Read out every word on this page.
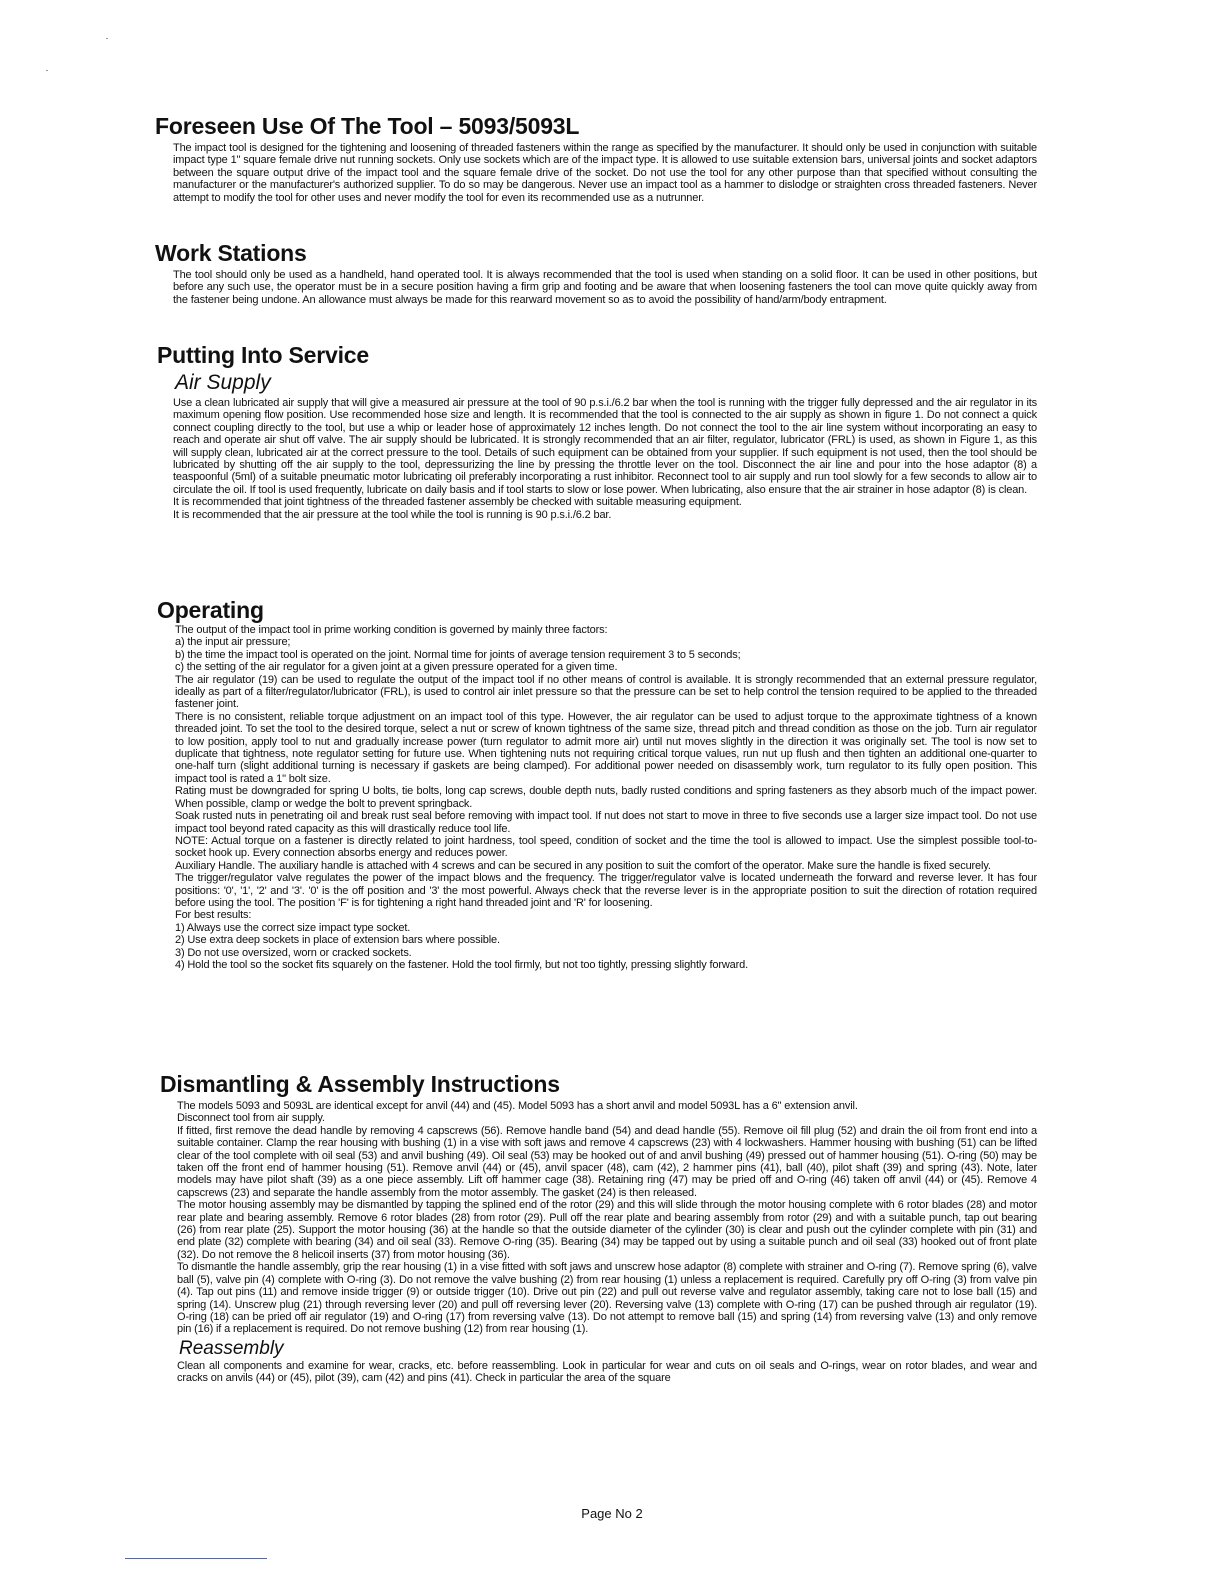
Foreseen Use Of The Tool – 5093/5093L
The impact tool is designed for the tightening and loosening of threaded fasteners within the range as specified by the manufacturer. It should only be used in conjunction with suitable impact type 1" square female drive nut running sockets. Only use sockets which are of the impact type. It is allowed to use suitable extension bars, universal joints and socket adaptors between the square output drive of the impact tool and the square female drive of the socket. Do not use the tool for any other purpose than that specified without consulting the manufacturer or the manufacturer's authorized supplier. To do so may be dangerous. Never use an impact tool as a hammer to dislodge or straighten cross threaded fasteners. Never attempt to modify the tool for other uses and never modify the tool for even its recommended use as a nutrunner.
Work Stations
The tool should only be used as a handheld, hand operated tool. It is always recommended that the tool is used when standing on a solid floor. It can be used in other positions, but before any such use, the operator must be in a secure position having a firm grip and footing and be aware that when loosening fasteners the tool can move quite quickly away from the fastener being undone. An allowance must always be made for this rearward movement so as to avoid the possibility of hand/arm/body entrapment.
Putting Into Service
Air Supply
Use a clean lubricated air supply that will give a measured air pressure at the tool of 90 p.s.i./6.2 bar when the tool is running with the trigger fully depressed and the air regulator in its maximum opening flow position. Use recommended hose size and length. It is recommended that the tool is connected to the air supply as shown in figure 1. Do not connect a quick connect coupling directly to the tool, but use a whip or leader hose of approximately 12 inches length. Do not connect the tool to the air line system without incorporating an easy to reach and operate air shut off valve. The air supply should be lubricated. It is strongly recommended that an air filter, regulator, lubricator (FRL) is used, as shown in Figure 1, as this will supply clean, lubricated air at the correct pressure to the tool. Details of such equipment can be obtained from your supplier. If such equipment is not used, then the tool should be lubricated by shutting off the air supply to the tool, depressurizing the line by pressing the throttle lever on the tool. Disconnect the air line and pour into the hose adaptor (8) a teaspoonful (5ml) of a suitable pneumatic motor lubricating oil preferably incorporating a rust inhibitor. Reconnect tool to air supply and run tool slowly for a few seconds to allow air to circulate the oil. If tool is used frequently, lubricate on daily basis and if tool starts to slow or lose power. When lubricating, also ensure that the air strainer in hose adaptor (8) is clean.
It is recommended that joint tightness of the threaded fastener assembly be checked with suitable measuring equipment.
It is recommended that the air pressure at the tool while the tool is running is 90 p.s.i./6.2 bar.
Operating
The output of the impact tool in prime working condition is governed by mainly three factors:
a) the input air pressure;
b) the time the impact tool is operated on the joint. Normal time for joints of average tension requirement 3 to 5 seconds;
c) the setting of the air regulator for a given joint at a given pressure operated for a given time.
The air regulator (19) can be used to regulate the output of the impact tool if no other means of control is available. It is strongly recommended that an external pressure regulator, ideally as part of a filter/regulator/lubricator (FRL), is used to control air inlet pressure so that the pressure can be set to help control the tension required to be applied to the threaded fastener joint.
There is no consistent, reliable torque adjustment on an impact tool of this type. However, the air regulator can be used to adjust torque to the approximate tightness of a known threaded joint. To set the tool to the desired torque, select a nut or screw of known tightness of the same size, thread pitch and thread condition as those on the job. Turn air regulator to low position, apply tool to nut and gradually increase power (turn regulator to admit more air) until nut moves slightly in the direction it was originally set. The tool is now set to duplicate that tightness, note regulator setting for future use. When tightening nuts not requiring critical torque values, run nut up flush and then tighten an additional one-quarter to one-half turn (slight additional turning is necessary if gaskets are being clamped). For additional power needed on disassembly work, turn regulator to its fully open position. This impact tool is rated a 1" bolt size.
Rating must be downgraded for spring U bolts, tie bolts, long cap screws, double depth nuts, badly rusted conditions and spring fasteners as they absorb much of the impact power. When possible, clamp or wedge the bolt to prevent springback.
Soak rusted nuts in penetrating oil and break rust seal before removing with impact tool. If nut does not start to move in three to five seconds use a larger size impact tool. Do not use impact tool beyond rated capacity as this will drastically reduce tool life.
NOTE: Actual torque on a fastener is directly related to joint hardness, tool speed, condition of socket and the time the tool is allowed to impact. Use the simplest possible tool-to-socket hook up. Every connection absorbs energy and reduces power.
Auxiliary Handle. The auxiliary handle is attached with 4 screws and can be secured in any position to suit the comfort of the operator. Make sure the handle is fixed securely.
The trigger/regulator valve regulates the power of the impact blows and the frequency. The trigger/regulator valve is located underneath the forward and reverse lever. It has four positions: '0', '1', '2' and '3'. '0' is the off position and '3' the most powerful. Always check that the reverse lever is in the appropriate position to suit the direction of rotation required before using the tool. The position 'F' is for tightening a right hand threaded joint and 'R' for loosening.
For best results:
1) Always use the correct size impact type socket.
2) Use extra deep sockets in place of extension bars where possible.
3) Do not use oversized, worn or cracked sockets.
4) Hold the tool so the socket fits squarely on the fastener. Hold the tool firmly, but not too tightly, pressing slightly forward.
Dismantling & Assembly Instructions
The models 5093 and 5093L are identical except for anvil (44) and (45). Model 5093 has a short anvil and model 5093L has a 6" extension anvil.
Disconnect tool from air supply.
If fitted, first remove the dead handle by removing 4 capscrews (56). Remove handle band (54) and dead handle (55). Remove oil fill plug (52) and drain the oil from front end into a suitable container. Clamp the rear housing with bushing (1) in a vise with soft jaws and remove 4 capscrews (23) with 4 lockwashers. Hammer housing with bushing (51) can be lifted clear of the tool complete with oil seal (53) and anvil bushing (49). Oil seal (53) may be hooked out of and anvil bushing (49) pressed out of hammer housing (51). O-ring (50) may be taken off the front end of hammer housing (51). Remove anvil (44) or (45), anvil spacer (48), cam (42), 2 hammer pins (41), ball (40), pilot shaft (39) and spring (43). Note, later models may have pilot shaft (39) as a one piece assembly. Lift off hammer cage (38). Retaining ring (47) may be pried off and O-ring (46) taken off anvil (44) or (45). Remove 4 capscrews (23) and separate the handle assembly from the motor assembly. The gasket (24) is then released.
The motor housing assembly may be dismantled by tapping the splined end of the rotor (29) and this will slide through the motor housing complete with 6 rotor blades (28) and motor rear plate and bearing assembly. Remove 6 rotor blades (28) from rotor (29). Pull off the rear plate and bearing assembly from rotor (29) and with a suitable punch, tap out bearing (26) from rear plate (25). Support the motor housing (36) at the handle so that the outside diameter of the cylinder (30) is clear and push out the cylinder complete with pin (31) and end plate (32) complete with bearing (34) and oil seal (33). Remove O-ring (35). Bearing (34) may be tapped out by using a suitable punch and oil seal (33) hooked out of front plate (32). Do not remove the 8 helicoil inserts (37) from motor housing (36).
To dismantle the handle assembly, grip the rear housing (1) in a vise fitted with soft jaws and unscrew hose adaptor (8) complete with strainer and O-ring (7). Remove spring (6), valve ball (5), valve pin (4) complete with O-ring (3). Do not remove the valve bushing (2) from rear housing (1) unless a replacement is required. Carefully pry off O-ring (3) from valve pin (4). Tap out pins (11) and remove inside trigger (9) or outside trigger (10). Drive out pin (22) and pull out reverse valve and regulator assembly, taking care not to lose ball (15) and spring (14). Unscrew plug (21) through reversing lever (20) and pull off reversing lever (20). Reversing valve (13) complete with O-ring (17) can be pushed through air regulator (19). O-ring (18) can be pried off air regulator (19) and O-ring (17) from reversing valve (13). Do not attempt to remove ball (15) and spring (14) from reversing valve (13) and only remove pin (16) if a replacement is required. Do not remove bushing (12) from rear housing (1).
Reassembly
Clean all components and examine for wear, cracks, etc. before reassembling. Look in particular for wear and cuts on oil seals and O-rings, wear on rotor blades, and wear and cracks on anvils (44) or (45), pilot (39), cam (42) and pins (41). Check in particular the area of the square
Page No 2
